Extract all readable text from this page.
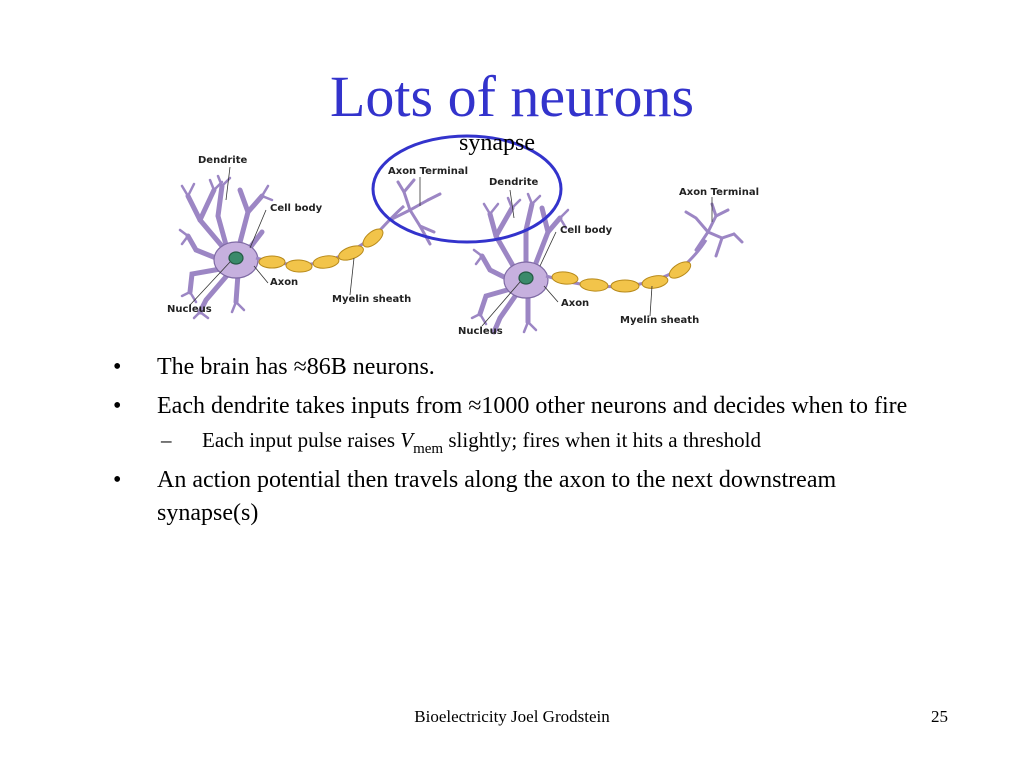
Lots of neurons
Dendrite
Cell body
Axon
Nucleus
Myelin sheath
Axon Terminal
Dendrite
Cell body
Axon
Nucleus
Myelin sheath
Axon Terminal
synapse
• The brain has ≈86B neurons.
• Each dendrite takes inputs from ≈1000 other neurons and decides when to fire
– Each input pulse raises $V_{mem}$ slightly; fires when it hits a threshold
• An action potential then travels along the axon to the next downstream synapse(s)
Bioelectricity Joel Grodstein	25
